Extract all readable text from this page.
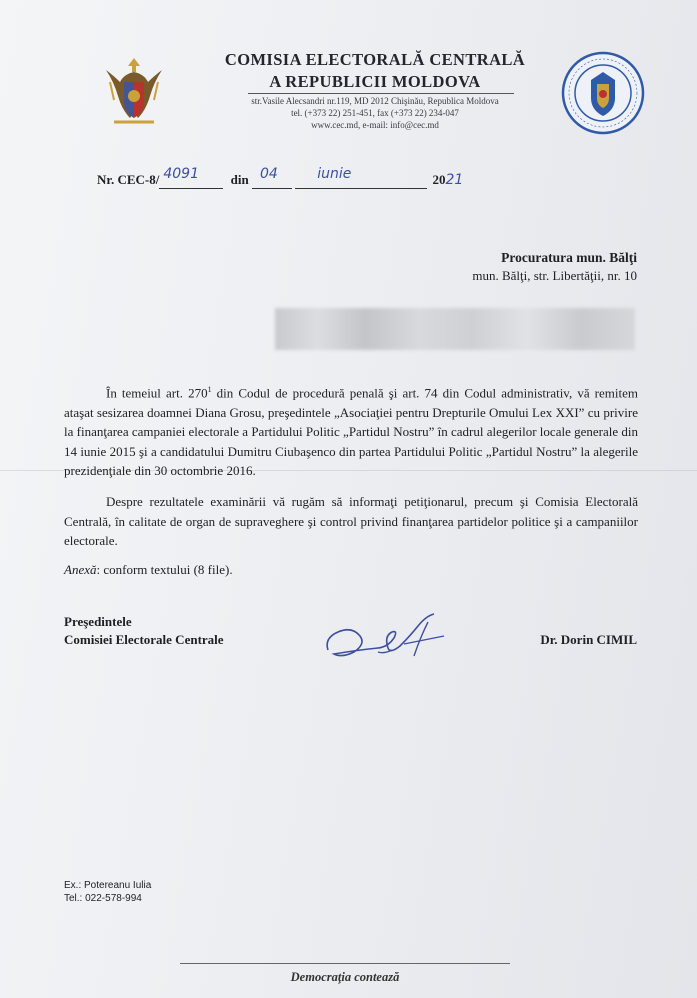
COMISIA ELECTORALĂ CENTRALĂ
A REPUBLICII MOLDOVA
str.Vasile Alecsandri nr.119, MD 2012 Chişinău, Republica Moldova
tel. (+373 22) 251-451, fax (+373 22) 234-047
www.cec.md, e-mail: info@cec.md
Nr. CEC-8/ 4091 din 04
	iunie	2021
Procuratura mun. Bălţi
mun. Bălţi, str. Libertăţii, nr. 10
În temeiul art. $270^1$ din Codul de procedură penală şi art. 74 din Codul administrativ, vă remitem ataşat sesizarea doamnei Diana Grosu, preşedintele „Asociaţiei pentru Drepturile Omului Lex XXI” cu privire la finanţarea campaniei electorale a Partidului Politic „Partidul Nostru” în cadrul alegerilor locale generale din 14 iunie 2015 şi a candidatului Dumitru Ciubaşenco din partea Partidului Politic „Partidul Nostru” la alegerile prezidenţiale din 30 octombrie 2016.
Despre rezultatele examinării vă rugăm să informaţi petiţionarul, precum şi Comisia Electorală Centrală, în calitate de organ de supraveghere şi control privind finanţarea partidelor politice şi a campaniilor electorale.
Anexă: conform textului (8 file).
Preşedintele
Comisiei Electorale Centrale	Dr. Dorin CIMIL
Ex.: Potereanu Iulia
Tel.: 022-578-994
Democraţia contează
